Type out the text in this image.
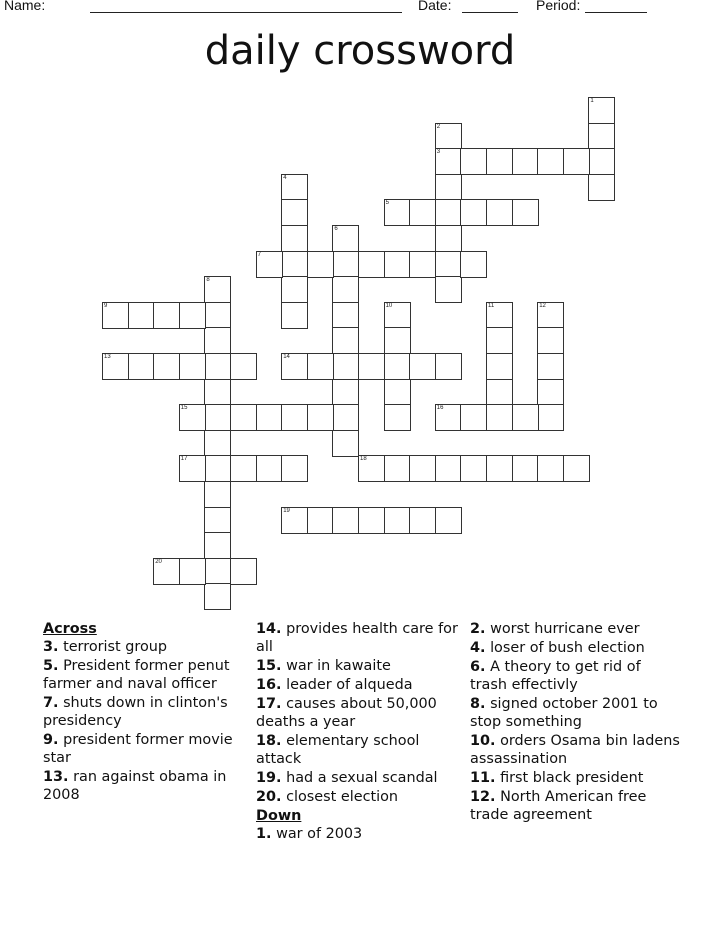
Name:	Date:	Period:
daily crossword
1
2
3
4
5
6
7
8
9	10	11	12
13	14
15	16
17	18
19
20
Across
3. terrorist group
5. President former penut farmer and naval officer
7. shuts down in clinton's presidency
9. president former movie star
13. ran against obama in 2008
14. provides health care for all
15. war in kawaite
16. leader of alqueda
17. causes about 50,000 deaths a year
18. elementary school attack
19. had a sexual scandal
20. closest election
Down
1. war of 2003
2. worst hurricane ever
4. loser of bush election
6. A theory to get rid of trash effectivly
8. signed october 2001 to stop something
10. orders Osama bin ladens assassination
11. first black president
12. North American free trade agreement
